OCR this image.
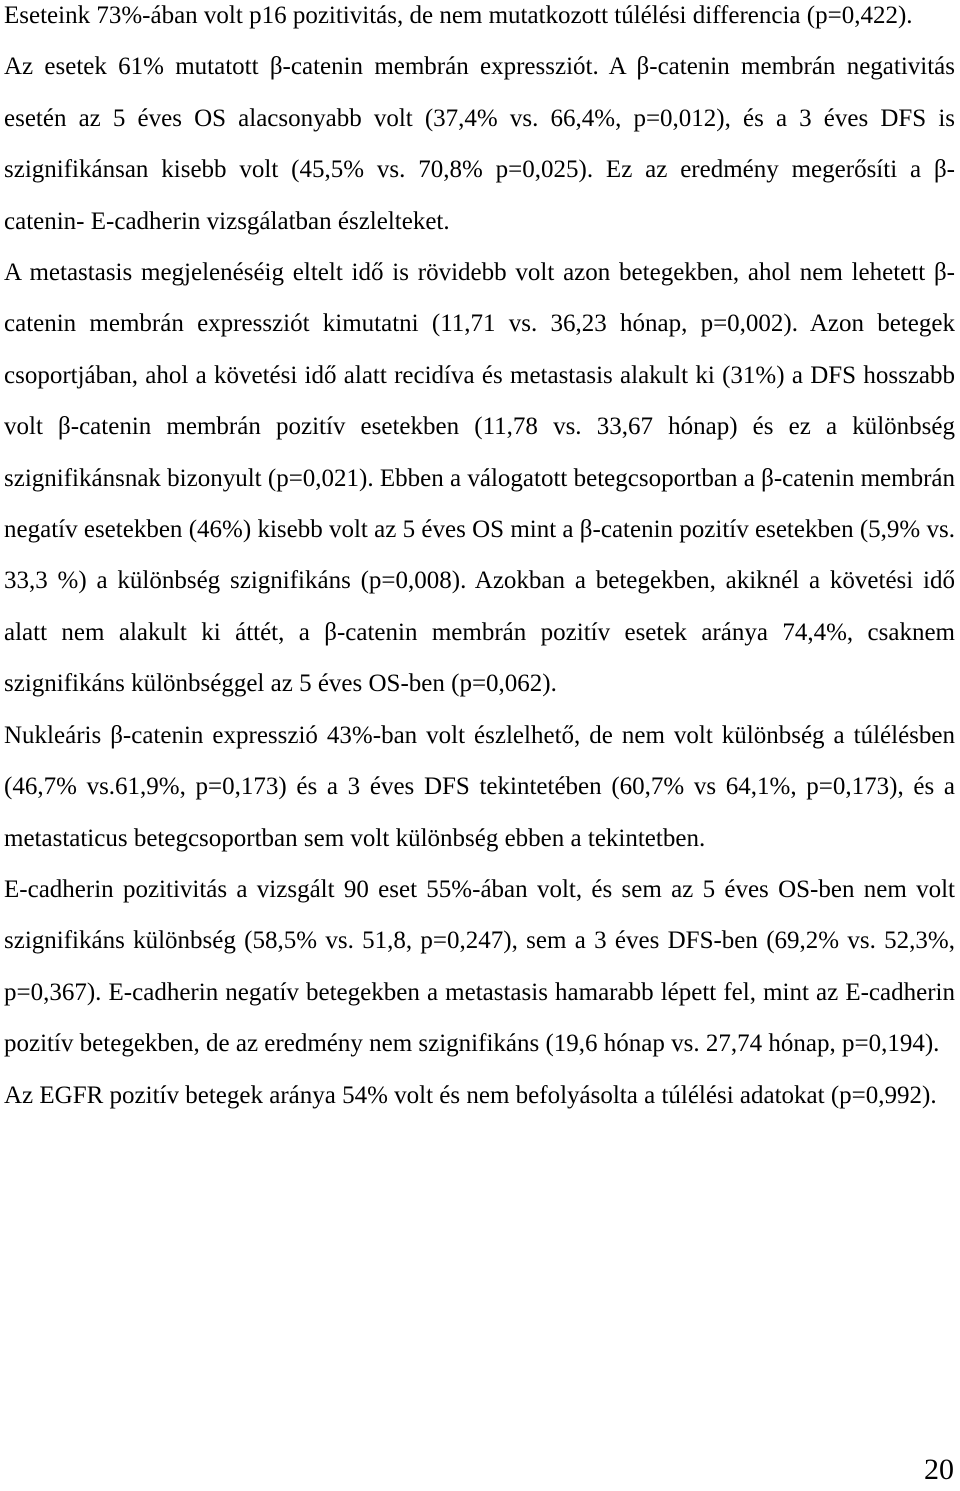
Eseteink 73%-ában volt p16 pozitivitás, de nem mutatkozott túlélési differencia (p=0,422).

Az esetek 61% mutatott β-catenin membrán expressziót. A β-catenin membrán negativitás esetén az 5 éves OS alacsonyabb volt (37,4% vs. 66,4%, p=0,012), és a 3 éves DFS is szignifikánsan kisebb volt (45,5% vs. 70,8% p=0,025). Ez az eredmény megerősíti a β-catenin- E-cadherin vizsgálatban észlelteket.

A metastasis megjelenéséig eltelt idő is rövidebb volt azon betegekben, ahol nem lehetett β-catenin membrán expressziót kimutatni (11,71 vs. 36,23 hónap, p=0,002). Azon betegek csoportjában, ahol a követési idő alatt recidíva és metastasis alakult ki (31%) a DFS hosszabb volt β-catenin membrán pozitív esetekben (11,78 vs. 33,67 hónap) és ez a különbség szignifikánsnak bizonyult (p=0,021). Ebben a válogatott betegcsoportban a β-catenin membrán negatív esetekben (46%) kisebb volt az 5 éves OS mint a β-catenin pozitív esetekben (5,9% vs. 33,3 %) a különbség szignifikáns (p=0,008). Azokban a betegekben, akiknél a követési idő alatt nem alakult ki áttét, a β-catenin membrán pozitív esetek aránya 74,4%, csaknem szignifikáns különbséggel az 5 éves OS-ben (p=0,062).

Nukleáris β-catenin expresszió 43%-ban volt észlelhető, de nem volt különbség a túlélésben (46,7% vs.61,9%, p=0,173) és a 3 éves DFS tekintetében (60,7% vs 64,1%, p=0,173), és a metastaticus betegcsoportban sem volt különbség ebben a tekintetben.

E-cadherin pozitivitás a vizsgált 90 eset 55%-ában volt, és sem az 5 éves OS-ben nem volt szignifikáns különbség (58,5% vs. 51,8, p=0,247), sem a 3 éves DFS-ben (69,2% vs. 52,3%, p=0,367). E-cadherin negatív betegekben a metastasis hamarabb lépett fel, mint az E-cadherin pozitív betegekben, de az eredmény nem szignifikáns (19,6 hónap vs. 27,74 hónap, p=0,194).

Az EGFR pozitív betegek aránya 54% volt és nem befolyásolta a túlélési adatokat (p=0,992).

20
